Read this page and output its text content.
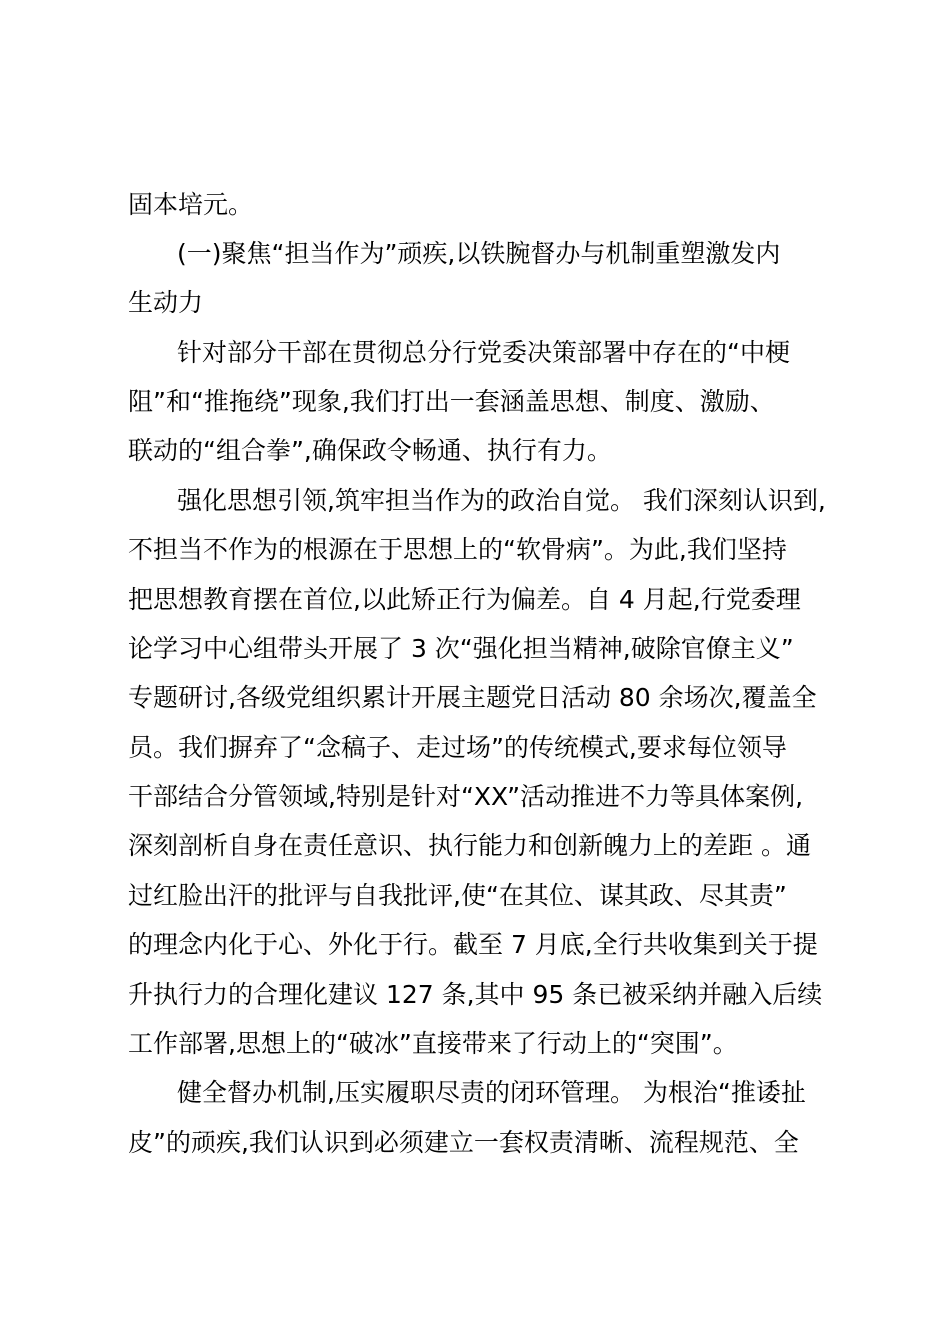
固本培元。
(一)聚焦“担当作为”顽疾,以铁腕督办与机制重塑激发内
生动力
针对部分干部在贯彻总分行党委决策部署中存在的“中梗
阻”和“推拖绕”现象,我们打出一套涵盖思想、制度、激励、
联动的“组合拳”,确保政令畅通、执行有力。
强化思想引领,筑牢担当作为的政治自觉。 我们深刻认识到,
不担当不作为的根源在于思想上的“软骨病”。为此,我们坚持
把思想教育摆在首位,以此矫正行为偏差。自 4 月起,行党委理
论学习中心组带头开展了 3 次“强化担当精神,破除官僚主义”
专题研讨,各级党组织累计开展主题党日活动 80 余场次,覆盖全
员。我们摒弃了“念稿子、走过场”的传统模式,要求每位领导
干部结合分管领域,特别是针对“XX”活动推进不力等具体案例,
深刻剖析自身在责任意识、执行能力和创新魄力上的差距 。通
过红脸出汗的批评与自我批评,使“在其位、谋其政、尽其责”
的理念内化于心、外化于行。截至 7 月底,全行共收集到关于提
升执行力的合理化建议 127 条,其中 95 条已被采纳并融入后续
工作部署,思想上的“破冰”直接带来了行动上的“突围”。
健全督办机制,压实履职尽责的闭环管理。 为根治“推诿扯
皮”的顽疾,我们认识到必须建立一套权责清晰、流程规范、全
